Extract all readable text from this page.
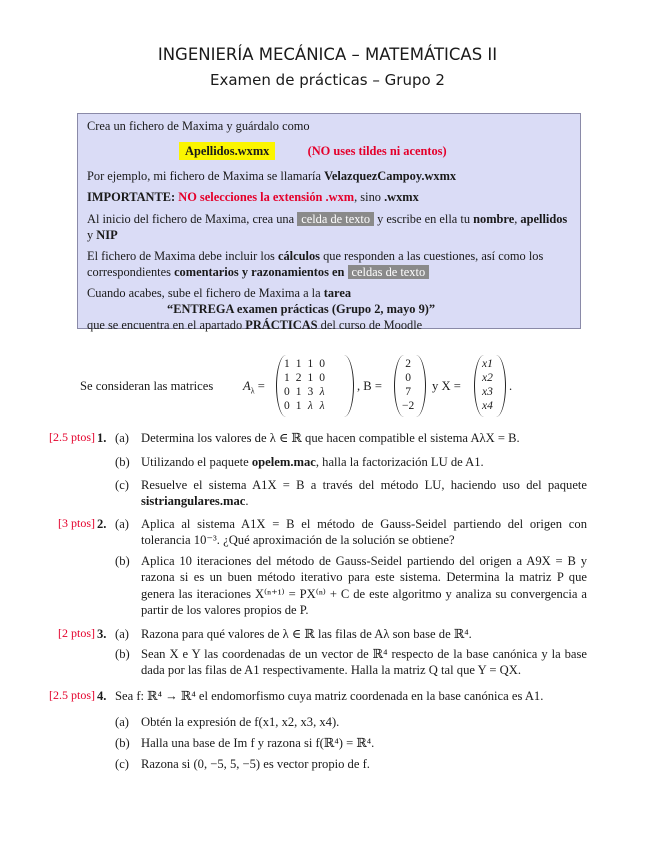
INGENIERÍA MECÁNICA – MATEMÁTICAS II
Examen de prácticas – Grupo 2

Crea un fichero de Maxima y guárdalo como

Apellidos.wxmx	(NO uses tildes ni acentos)

Por ejemplo, mi fichero de Maxima se llamaría VelazquezCampoy.wxmx

IMPORTANTE: NO selecciones la extensión .wxm, sino .wxmx

Al inicio del fichero de Maxima, crea una celda de texto y escribe en ella tu nombre, apellidos y NIP

El fichero de Maxima debe incluir los cálculos que responden a las cuestiones, así como los correspondientes comentarios y razonamientos en celdas de texto

Cuando acabes, sube el fichero de Maxima a la tarea

“ENTREGA examen prácticas (Grupo 2, mayo 9)”

que se encuentra en el apartado PRÁCTICAS del curso de Moodle

Se consideran las matrices $A_\lambda$ =
1	1	1	0
1	2	1	0
0	1	3	λ
0	1	λ	λ
, B =
2
0
7
−2
y X =
x1
x2
x3
x4
.
[2.5 ptos] 1. (a) Determina los valores de λ ∈ ℝ que hacen compatible el sistema AλX = B.
(b) Utilizando el paquete opelem.mac, halla la factorización LU de A1.
(c) Resuelve el sistema A1X = B a través del método LU, haciendo uso del paquete sistriangulares.mac.
[3 ptos] 2. (a) Aplica al sistema A1X = B el método de Gauss-Seidel partiendo del origen con tolerancia 10⁻³. ¿Qué aproximación de la solución se obtiene?
(b) Aplica 10 iteraciones del método de Gauss-Seidel partiendo del origen a A9X = B y razona si es un buen método iterativo para este sistema. Determina la matriz P que genera las iteraciones X⁽ⁿ⁺¹⁾ = PX⁽ⁿ⁾ + C de este algoritmo y analiza su convergencia a partir de los valores propios de P.
[2 ptos] 3. (a) Razona para qué valores de λ ∈ ℝ las filas de Aλ son base de ℝ⁴.
(b) Sean X e Y las coordenadas de un vector de ℝ⁴ respecto de la base canónica y la base dada por las filas de A1 respectivamente. Halla la matriz Q tal que Y = QX.
[2.5 ptos] 4. Sea f: ℝ⁴ → ℝ⁴ el endomorfismo cuya matriz coordenada en la base canónica es A1.
(a) Obtén la expresión de f(x1, x2, x3, x4).
(b) Halla una base de Im f y razona si f(ℝ⁴) = ℝ⁴.
(c) Razona si (0, −5, 5, −5) es vector propio de f.
